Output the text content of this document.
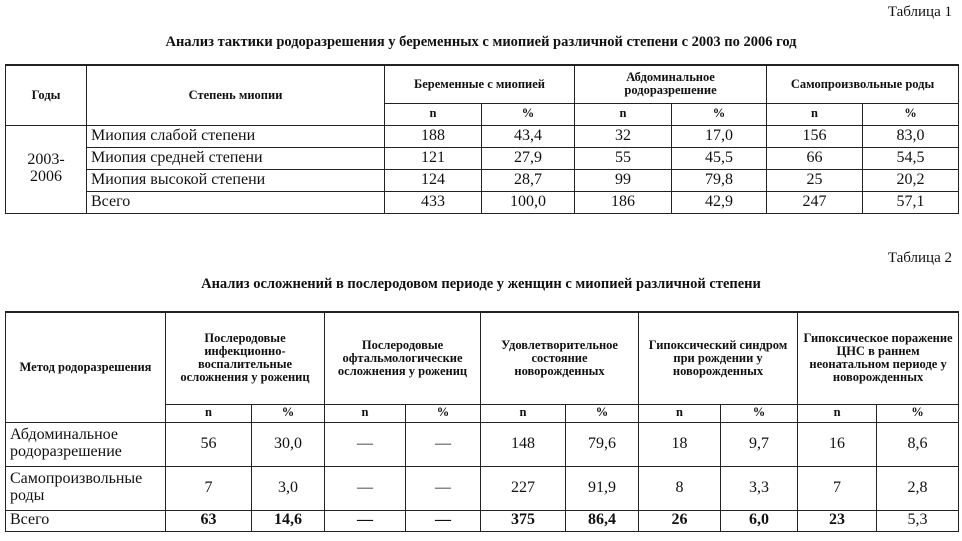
Таблица 1
Анализ тактики родоразрешения у беременных с миопией различной степени с 2003 по 2006 год
Годы	Степень миопии	Беременные с миопией		Абдоминальное родоразрешение		Самопроизвольные роды	
		n	%	n	%	n	%
2003-2006	Миопия слабой степени	188	43,4	32	17,0	156	83,0
	Миопия средней степени	121	27,9	55	45,5	66	54,5
	Миопия высокой степени	124	28,7	99	79,8	25	20,2
	Всего	433	100,0	186	42,9	247	57,1
Таблица 2
Анализ осложнений в послеродовом периоде у женщин с миопией различной степени
Метод родоразрешения	Послеродовые инфекционно-воспалительные осложнения у рожениц		Послеродовые офтальмологические осложнения у рожениц		Удовлетворительное состояние новорожденных		Гипоксический синдром при рождении у новорожденных		Гипоксическое поражение ЦНС в раннем неонатальном периоде у новорожденных	
	n	%	n	%	n	%	n	%	n	%
Абдоминальное родоразрешение	56	30,0	—	—	148	79,6	18	9,7	16	8,6
Самопроизвольные роды	7	3,0	—	—	227	91,9	8	3,3	7	2,8
Всего	63	14,6	—	—	375	86,4	26	6,0	23	5,3
